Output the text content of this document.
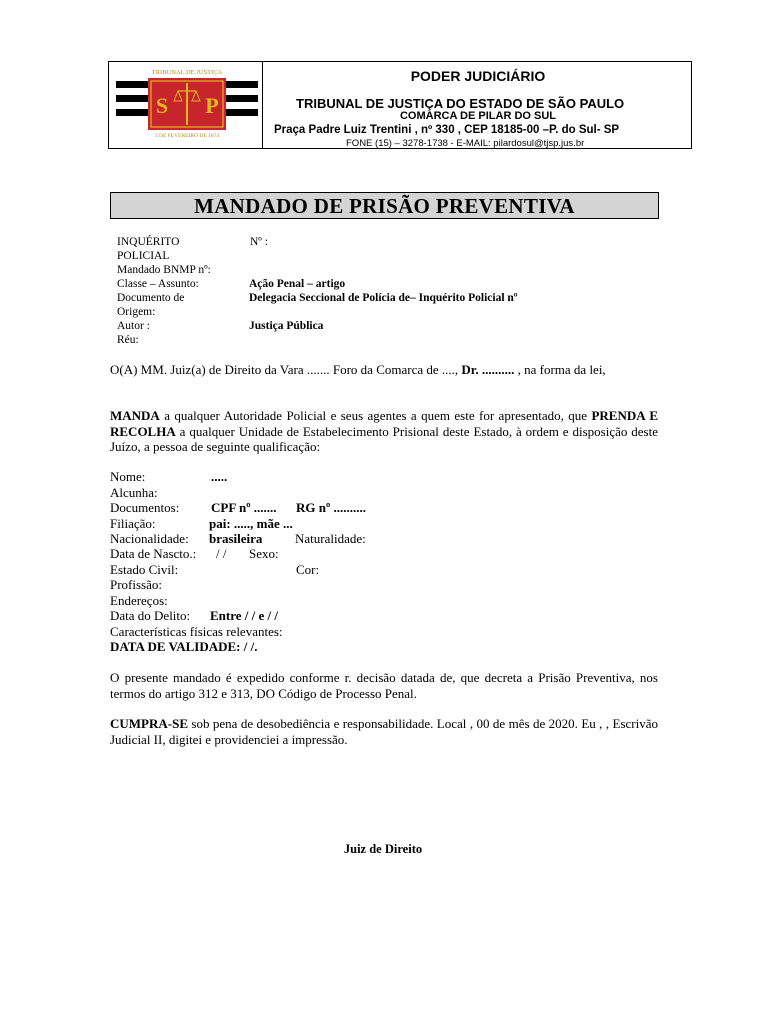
S P
TRIBUNAL DE JUSTIÇA
3 DE FEVEREIRO DE 1874
PODER JUDICIÁRIO
TRIBUNAL DE JUSTIÇA DO ESTADO DE SÃO PAULO
COMARCA DE PILAR DO SUL
Praça Padre Luiz Trentini , nº 330 , CEP 18185-00 –P. do Sul- SP
FONE (15) – 3278-1738 - E-MAIL: pilardosul@tjsp.jus.br
MANDADO DE PRISÃO PREVENTIVA
INQUÉRITO	Nº :
POLICIAL
Mandado BNMP nº:
Classe – Assunto:	Ação Penal – artigo
Documento de	Delegacia Seccional de Polícia de– Inquérito Policial nº
Origem:
Autor :	Justiça Pública
Réu:
O(A) MM. Juiz(a) de Direito da Vara ....... Foro da Comarca de ...., Dr. .......... , na forma da lei,
MANDA a qualquer Autoridade Policial e seus agentes a quem este for apresentado, que PRENDA E RECOLHA a qualquer Unidade de Estabelecimento Prisional deste Estado, à ordem e disposição deste Juízo, a pessoa de seguinte qualificação:
Nome:	.....
Alcunha:
Documentos: CPF nº ....... RG nº ..........
Filiação:	pai: ....., mãe ...
Nacionalidade: brasileira	Naturalidade:
Data de Nascto.: / / Sexo:
Estado Civil:	Cor:
Profissão:
Endereços:
Data do Delito: Entre / / e / /
Características físicas relevantes:
DATA DE VALIDADE: / /.
O presente mandado é expedido conforme r. decisão datada de, que decreta a Prisão Preventiva, nos termos do artigo 312 e 313, DO Código de Processo Penal.
CUMPRA-SE sob pena de desobediência e responsabilidade. Local , 00 de mês de 2020. Eu , , Escrivão Judicial II, digitei e providenciei a impressão.
Juiz de Direito
